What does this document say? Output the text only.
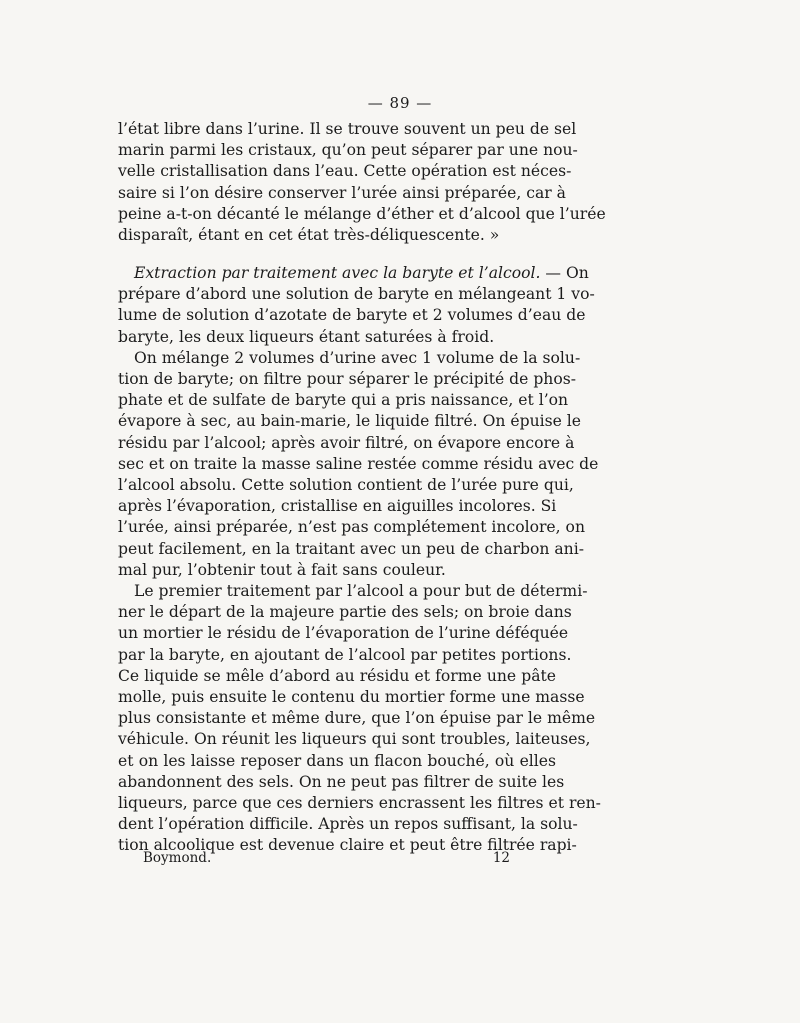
— 89 —
l’état libre dans l’urine. Il se trouve souvent un peu de sel
marin parmi les cristaux, qu’on peut séparer par une nou-
velle cristallisation dans l’eau. Cette opération est néces-
saire si l’on désire conserver l’urée ainsi préparée, car à
peine a-t-on décanté le mélange d’éther et d’alcool que l’urée
disparaît, étant en cet état très-déliquescente. »
Extraction par traitement avec la baryte et l’alcool. — On
prépare d’abord une solution de baryte en mélangeant 1 vo-
lume de solution d’azotate de baryte et 2 volumes d’eau de
baryte, les deux liqueurs étant saturées à froid.
On mélange 2 volumes d’urine avec 1 volume de la solu-
tion de baryte; on filtre pour séparer le précipité de phos-
phate et de sulfate de baryte qui a pris naissance, et l’on
évapore à sec, au bain-marie, le liquide filtré. On épuise le
résidu par l’alcool; après avoir filtré, on évapore encore à
sec et on traite la masse saline restée comme résidu avec de
l’alcool absolu. Cette solution contient de l’urée pure qui,
après l’évaporation, cristallise en aiguilles incolores. Si
l’urée, ainsi préparée, n’est pas complétement incolore, on
peut facilement, en la traitant avec un peu de charbon ani-
mal pur, l’obtenir tout à fait sans couleur.
Le premier traitement par l’alcool a pour but de détermi-
ner le départ de la majeure partie des sels; on broie dans
un mortier le résidu de l’évaporation de l’urine déféquée
par la baryte, en ajoutant de l’alcool par petites portions.
Ce liquide se mêle d’abord au résidu et forme une pâte
molle, puis ensuite le contenu du mortier forme une masse
plus consistante et même dure, que l’on épuise par le même
véhicule. On réunit les liqueurs qui sont troubles, laiteuses,
et on les laisse reposer dans un flacon bouché, où elles
abandonnent des sels. On ne peut pas filtrer de suite les
liqueurs, parce que ces derniers encrassent les filtres et ren-
dent l’opération difficile. Après un repos suffisant, la solu-
tion alcoolique est devenue claire et peut être filtrée rapi-
Boymond.	12
